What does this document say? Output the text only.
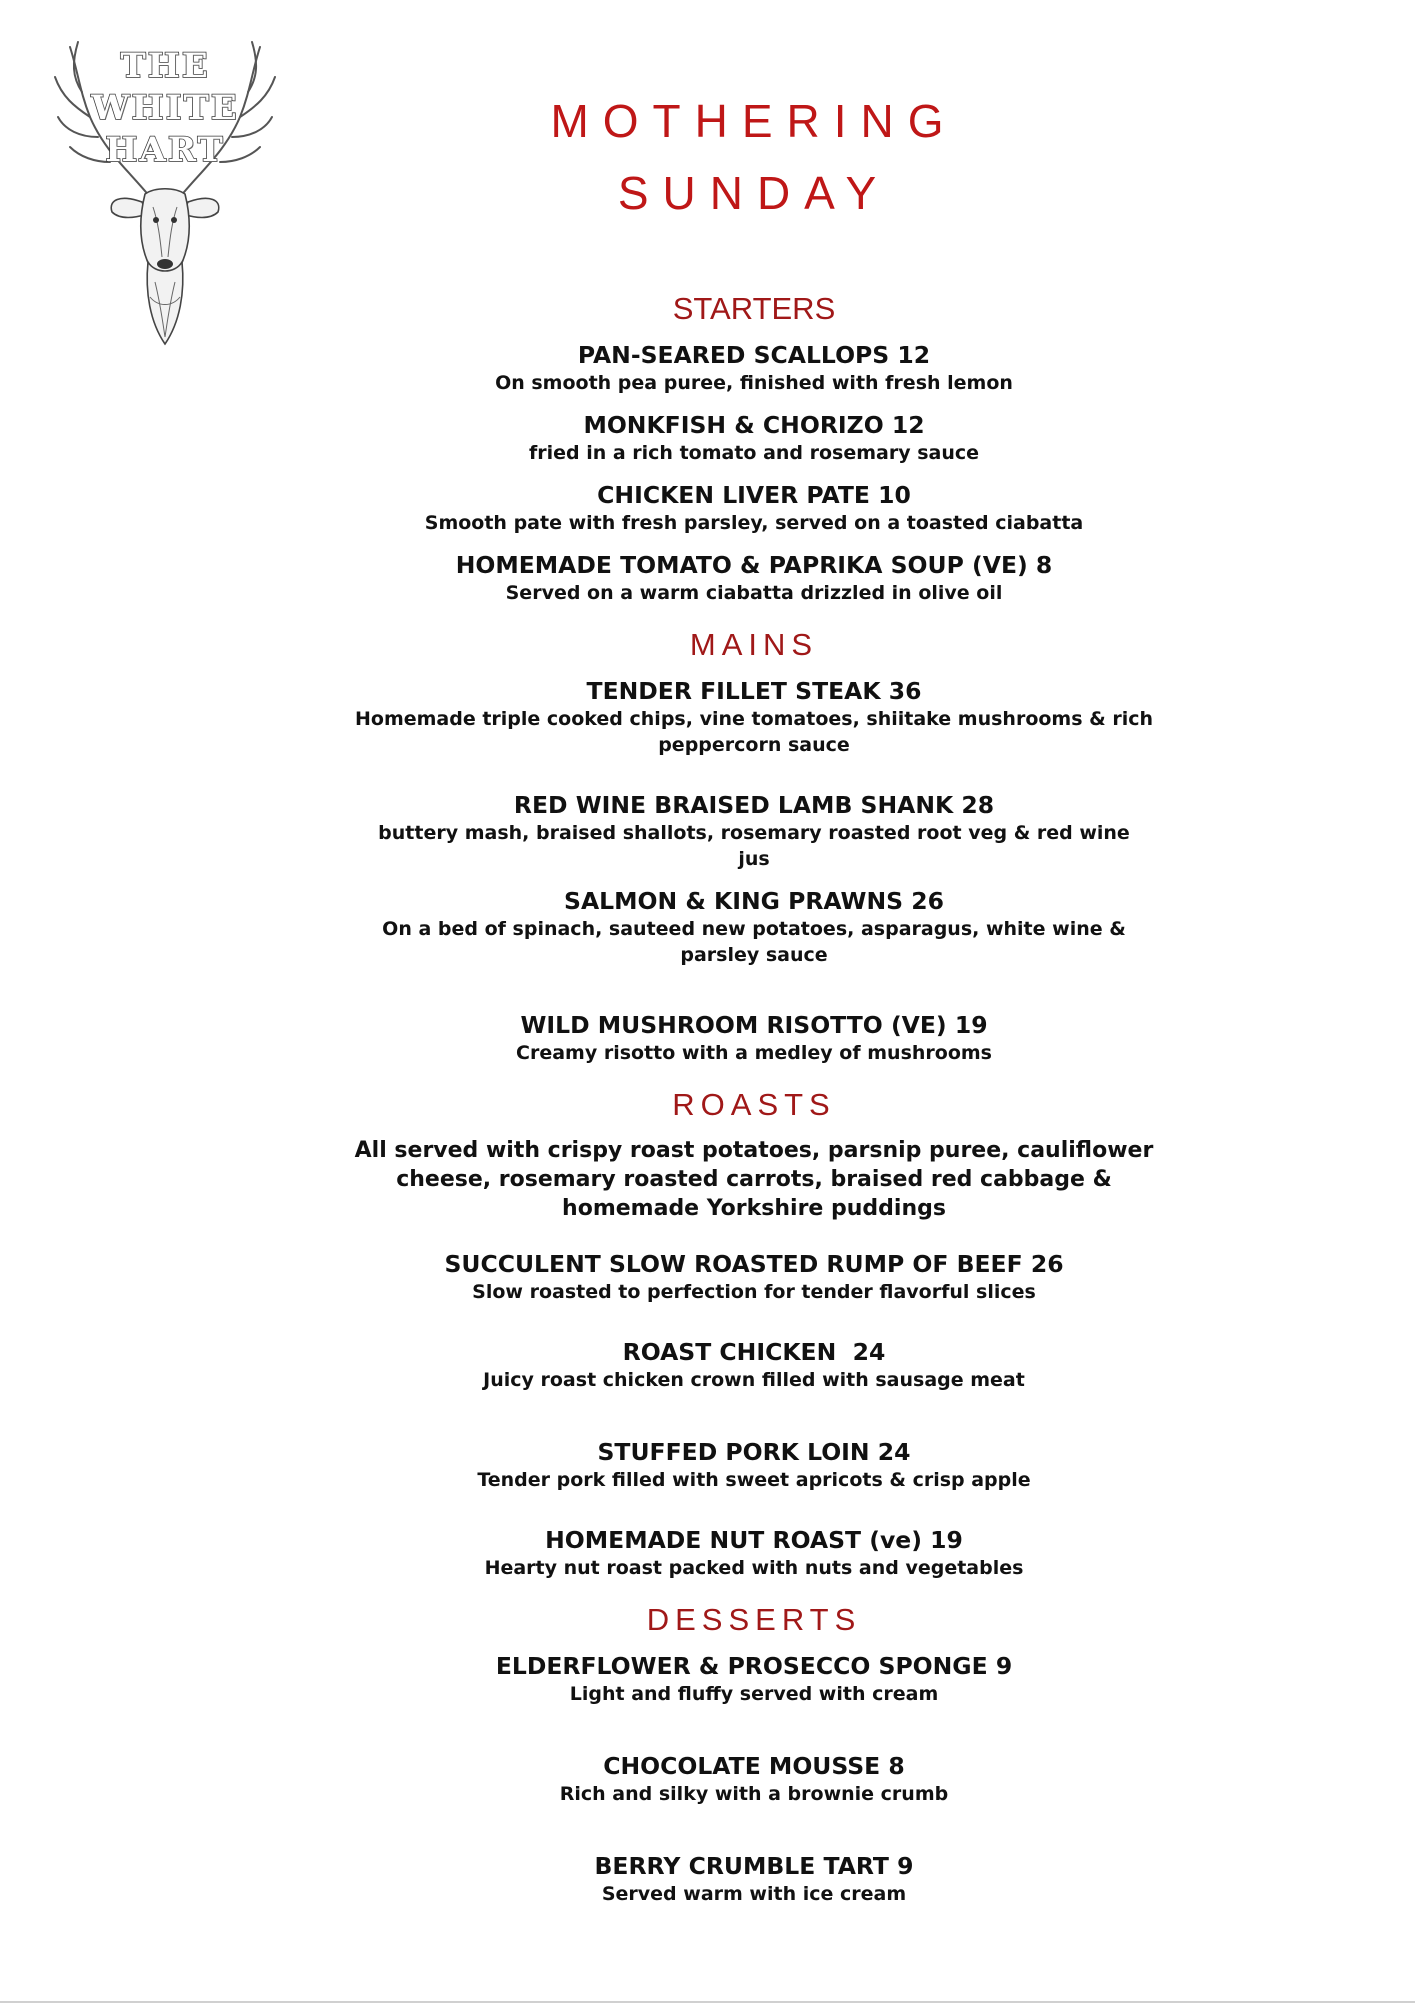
THE
WHITE
HART
MOTHERING
SUNDAY
STARTERS
PAN-SEARED SCALLOPS 12
On smooth pea puree, finished with fresh lemon
MONKFISH & CHORIZO 12
fried in a rich tomato and rosemary sauce
CHICKEN LIVER PATE 10
Smooth pate with fresh parsley, served on a toasted ciabatta
HOMEMADE TOMATO & PAPRIKA SOUP (VE) 8
Served on a warm ciabatta drizzled in olive oil
MAINS
TENDER FILLET STEAK 36
Homemade triple cooked chips, vine tomatoes, shiitake mushrooms & rich peppercorn sauce
RED WINE BRAISED LAMB SHANK 28
buttery mash, braised shallots, rosemary roasted root veg & red wine jus
SALMON & KING PRAWNS 26
On a bed of spinach, sauteed new potatoes, asparagus, white wine & parsley sauce
WILD MUSHROOM RISOTTO (VE) 19
Creamy risotto with a medley of mushrooms
ROASTS
All served with crispy roast potatoes, parsnip puree, cauliflower cheese, rosemary roasted carrots, braised red cabbage & homemade Yorkshire puddings
SUCCULENT SLOW ROASTED RUMP OF BEEF 26
Slow roasted to perfection for tender flavorful slices
ROAST CHICKEN  24
Juicy roast chicken crown filled with sausage meat
STUFFED PORK LOIN 24
Tender pork filled with sweet apricots & crisp apple
HOMEMADE NUT ROAST (ve) 19
Hearty nut roast packed with nuts and vegetables
DESSERTS
ELDERFLOWER & PROSECCO SPONGE 9
Light and fluffy served with cream
CHOCOLATE MOUSSE 8
Rich and silky with a brownie crumb
BERRY CRUMBLE TART 9
Served warm with ice cream
